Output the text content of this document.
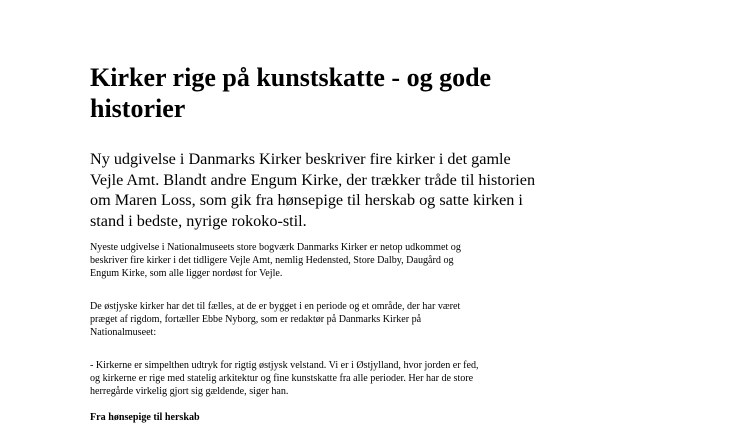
Kirker rige på kunstskatte - og gode
historier

Ny udgivelse i Danmarks Kirker beskriver fire kirker i det gamle
Vejle Amt. Blandt andre Engum Kirke, der trækker tråde til historien
om Maren Loss, som gik fra hønsepige til herskab og satte kirken i
stand i bedste, nyrige rokoko-stil.

Nyeste udgivelse i Nationalmuseets store bogværk Danmarks Kirker er netop udkommet og
beskriver fire kirker i det tidligere Vejle Amt, nemlig Hedensted, Store Dalby, Daugård og
Engum Kirke, som alle ligger nordøst for Vejle.

De østjyske kirker har det til fælles, at de er bygget i en periode og et område, der har været
præget af rigdom, fortæller Ebbe Nyborg, som er redaktør på Danmarks Kirker på
Nationalmuseet:

- Kirkerne er simpelthen udtryk for rigtig østjysk velstand. Vi er i Østjylland, hvor jorden er fed,
og kirkerne er rige med statelig arkitektur og fine kunstskatte fra alle perioder. Her har de store
herregårde virkelig gjort sig gældende, siger han.

Fra hønsepige til herskab
